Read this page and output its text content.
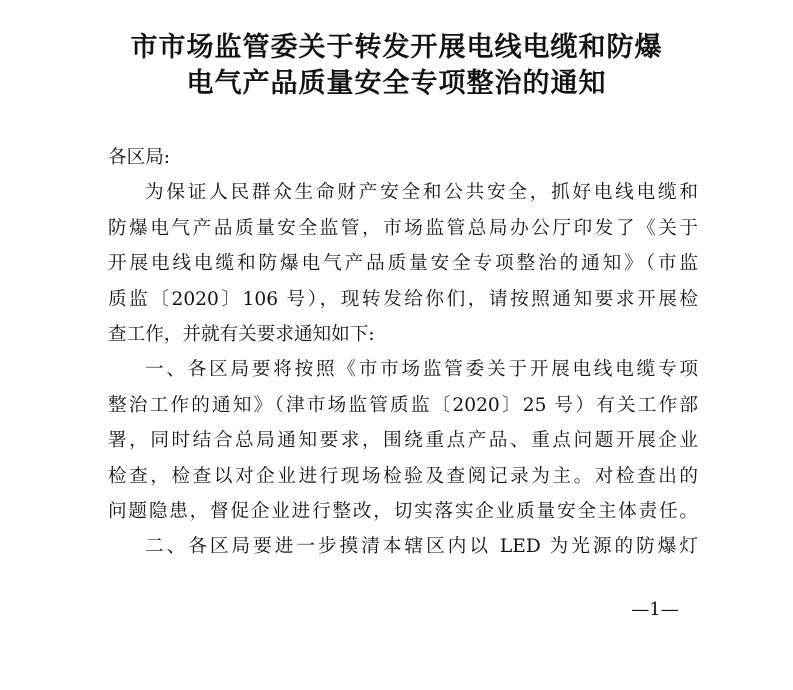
市市场监管委关于转发开展电线电缆和防爆
电气产品质量安全专项整治的通知
各区局:
为保证人民群众生命财产安全和公共安全，抓好电线电缆和
防爆电气产品质量安全监管，市场监管总局办公厅印发了《关于
开展电线电缆和防爆电气产品质量安全专项整治的通知》（市监
质监〔2020〕106 号），现转发给你们，请按照通知要求开展检
查工作，并就有关要求通知如下:
一、各区局要将按照《市市场监管委关于开展电线电缆专项
整治工作的通知》（津市场监管质监〔2020〕25 号）有关工作部
署，同时结合总局通知要求，围绕重点产品、重点问题开展企业
检查，检查以对企业进行现场检验及查阅记录为主。对检查出的
问题隐患，督促企业进行整改，切实落实企业质量安全主体责任。
二、各区局要进一步摸清本辖区内以 LED 为光源的防爆灯
—1—
